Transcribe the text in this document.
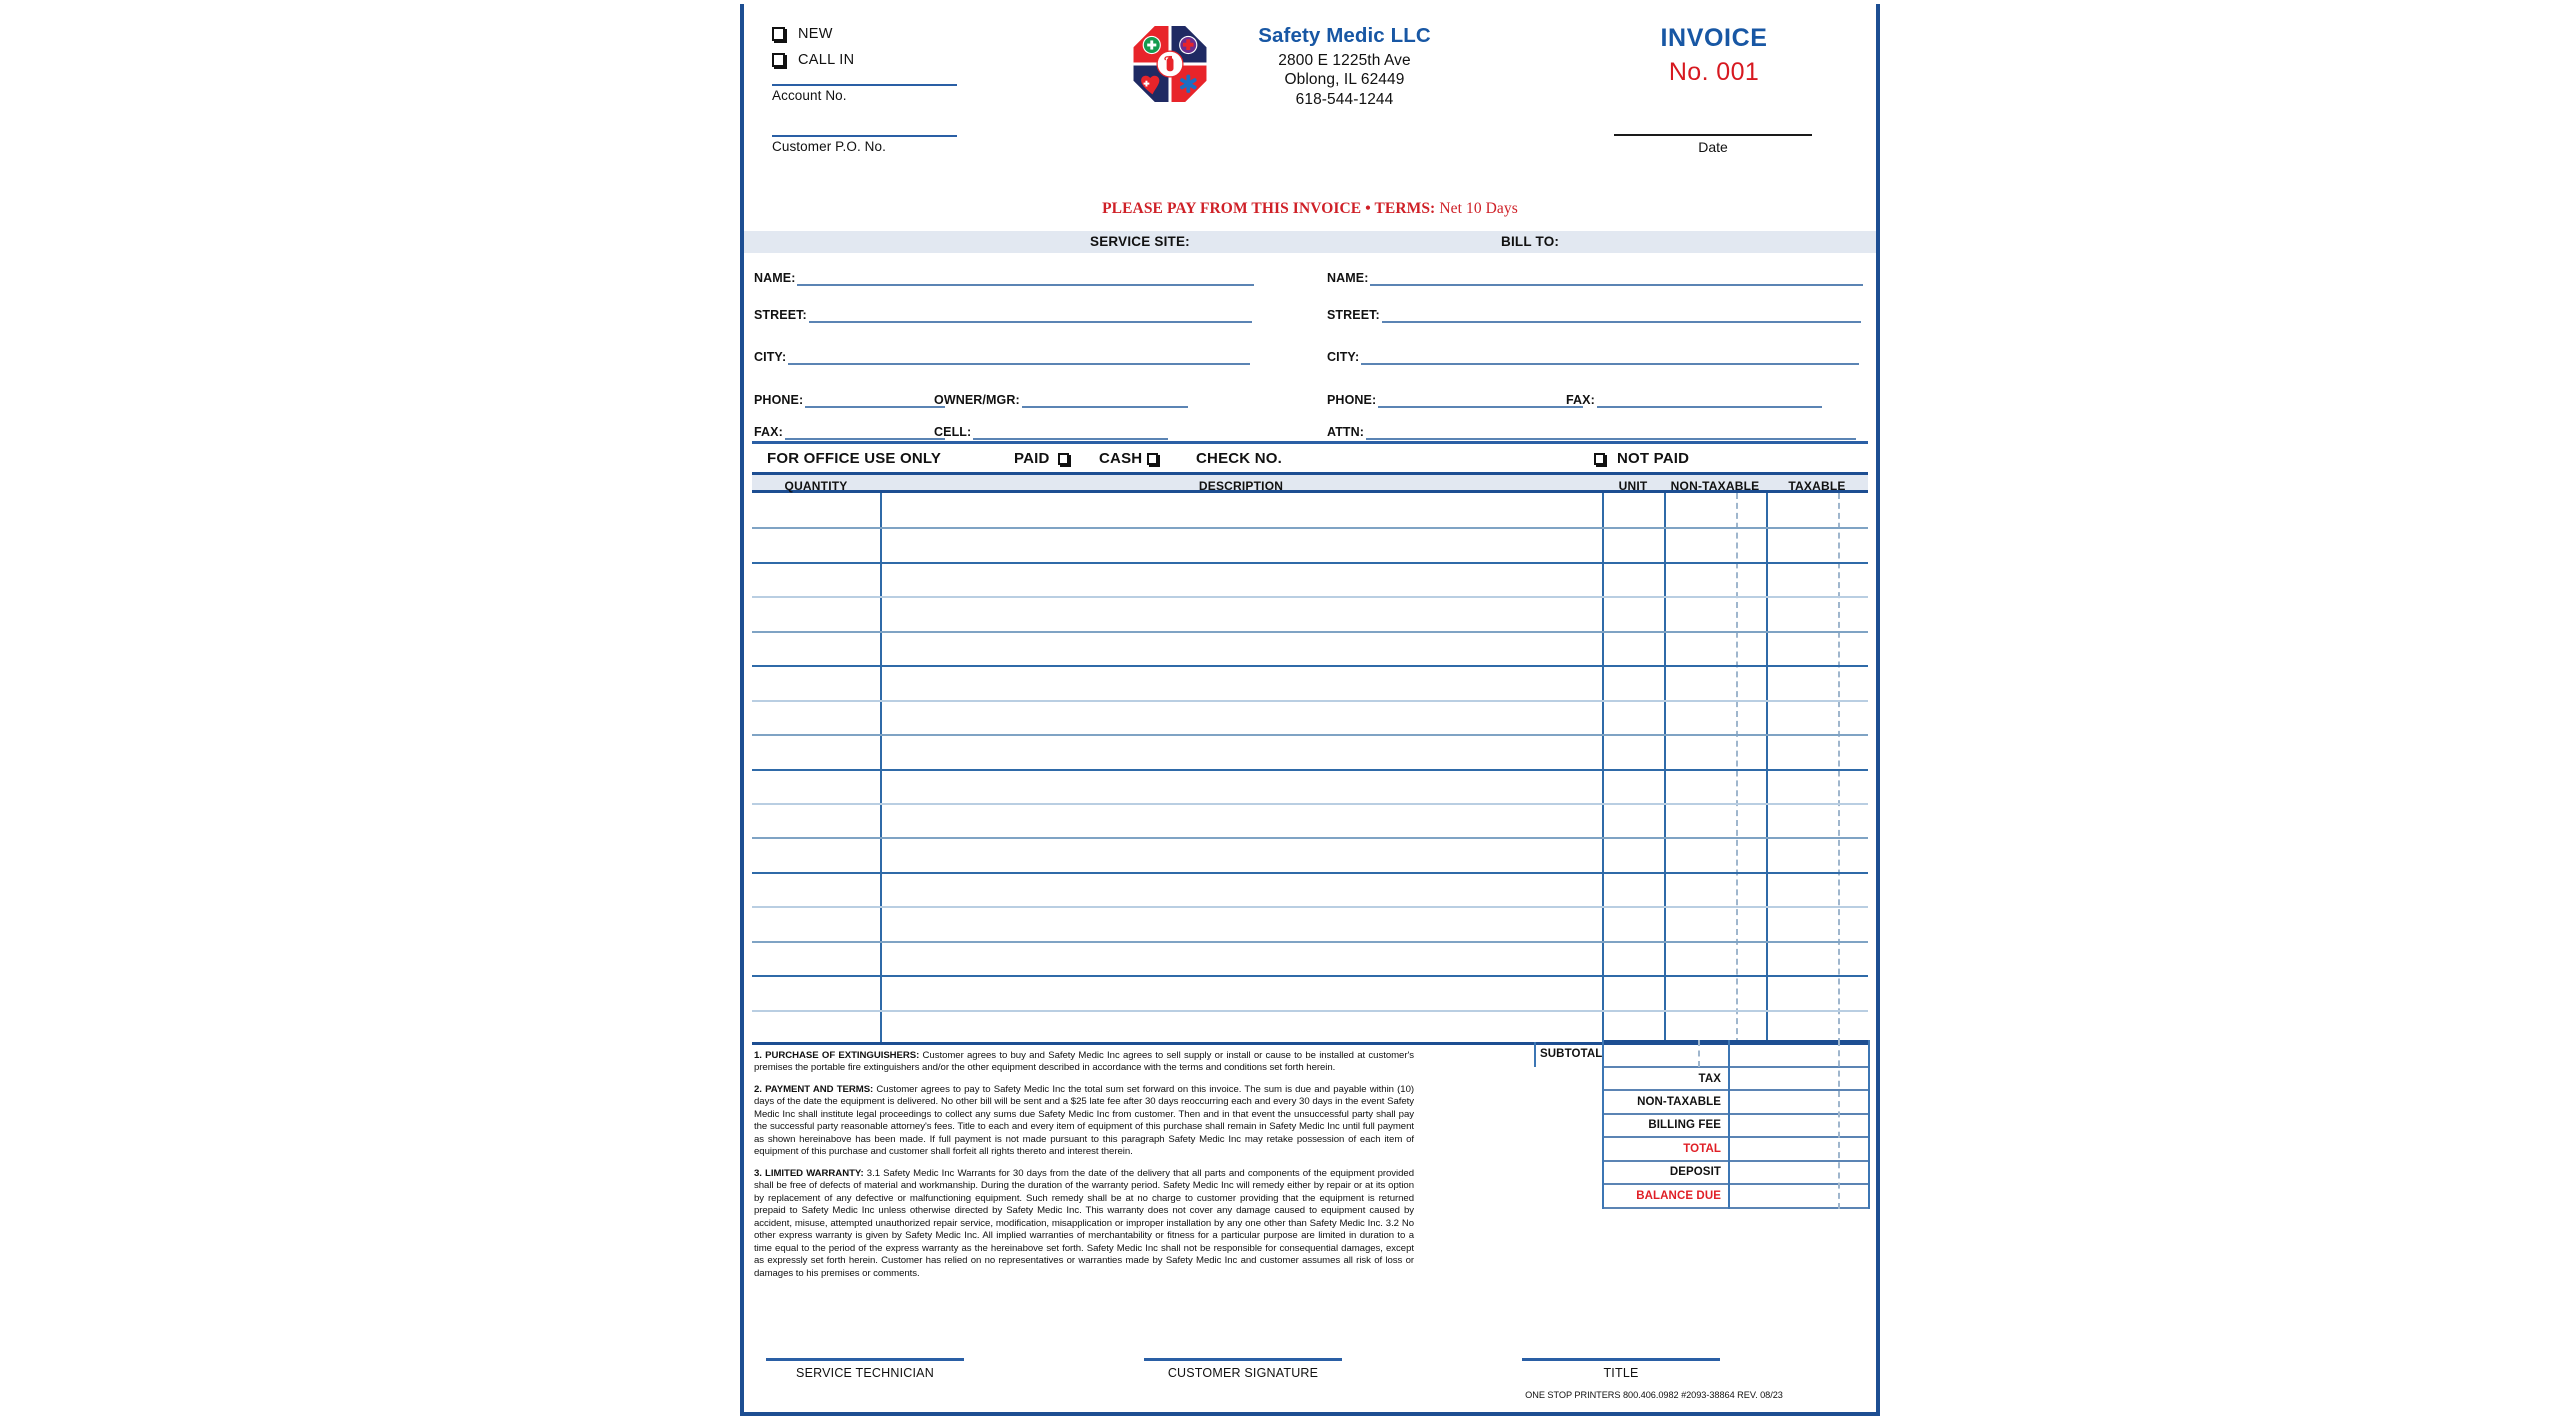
NEW
CALL IN
Account No.
Customer P.O. No.
Safety Medic LLC
2800 E 1225th Ave
Oblong, IL 62449
618-544-1244
INVOICE
No. 001
Date
PLEASE PAY FROM THIS INVOICE • TERMS: Net 10 Days
SERVICE SITE:	BILL TO:
NAME:
STREET:
CITY:
PHONE:	OWNER/MGR:
FAX:	CELL:
NAME:
STREET:
CITY:
PHONE:	FAX:
ATTN:
FOR OFFICE USE ONLY	PAID	CASH	CHECK NO.	NOT PAID
QUANTITY	DESCRIPTION	UNIT	NON-TAXABLE	TAXABLE

1. PURCHASE OF EXTINGUISHERS: Customer agrees to buy and Safety Medic Inc agrees to sell supply or install or cause to be installed at customer's premises the portable fire extinguishers and/or the other equipment described in accordance with the terms and conditions set forth herein.

2. PAYMENT AND TERMS: Customer agrees to pay to Safety Medic Inc the total sum set forward on this invoice. The sum is due and payable within (10) days of the date the equipment is delivered. No other bill will be sent and a $25 late fee after 30 days reoccurring each and every 30 days in the event Safety Medic Inc shall institute legal proceedings to collect any sums due Safety Medic Inc from customer. Then and in that event the unsuccessful party shall pay the successful party reasonable attorney's fees. Title to each and every item of equipment of this purchase shall remain in Safety Medic Inc until full payment as shown hereinabove has been made. If full payment is not made pursuant to this paragraph Safety Medic Inc may retake possession of each item of equipment of this purchase and customer shall forfeit all rights thereto and interest therein.

3. LIMITED WARRANTY: 3.1 Safety Medic Inc Warrants for 30 days from the date of the delivery that all parts and components of the equipment provided shall be free of defects of material and workmanship. During the duration of the warranty period. Safety Medic Inc will remedy either by repair or at its option by replacement of any defective or malfunctioning equipment. Such remedy shall be at no charge to customer providing that the equipment is returned prepaid to Safety Medic Inc unless otherwise directed by Safety Medic Inc. This warranty does not cover any damage caused to equipment caused by accident, misuse, attempted unauthorized repair service, modification, misapplication or improper installation by any one other than Safety Medic Inc. 3.2 No other express warranty is given by Safety Medic Inc. All implied warranties of merchantability or fitness for a particular purpose are limited in duration to a time equal to the period of the express warranty as the hereinabove set forth. Safety Medic Inc shall not be responsible for consequential damages, except as expressly set forth herein. Customer has relied on no representatives or warranties made by Safety Medic Inc and customer assumes all risk of loss or damages to his premises or comments.

SUBTOTAL
TAX
NON-TAXABLE
BILLING FEE
TOTAL
DEPOSIT
BALANCE DUE
SERVICE TECHNICIAN	CUSTOMER SIGNATURE	TITLE
ONE STOP PRINTERS 800.406.0982 #2093-38864 REV. 08/23
